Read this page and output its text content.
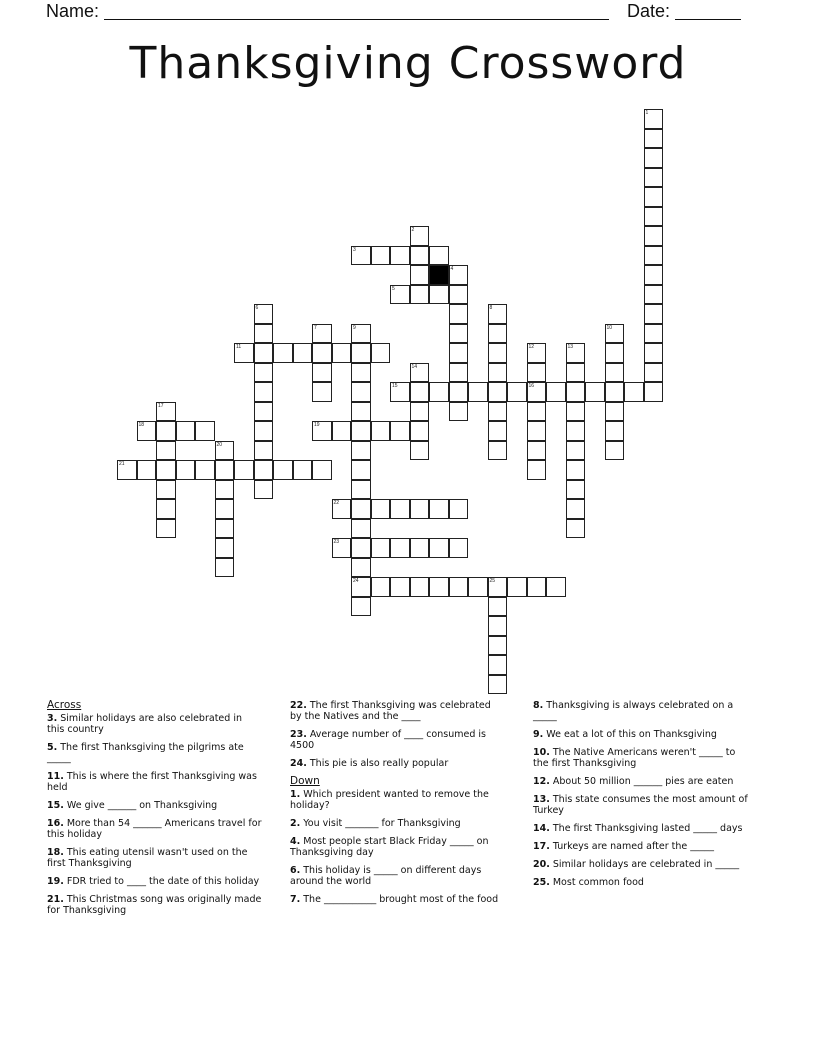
Name:	Date:
Thanksgiving Crossword
1
2
3
4
5
6
7
8
9	10
11	12	13
14
15	16
17
18	19
20
21
22
23
24	25
Across
3. Similar holidays are also celebrated in this country
5. The first Thanksgiving the pilgrims ate _____
11. This is where the first Thanksgiving was held
15. We give ______ on Thanksgiving
16. More than 54 ______ Americans travel for this holiday
18. This eating utensil wasn't used on the first Thanksgiving
19. FDR tried to ____ the date of this holiday
21. This Christmas song was originally made for Thanksgiving
22. The first Thanksgiving was celebrated by the Natives and the ____
23. Average number of ____ consumed is 4500
24. This pie is also really popular
Down
1. Which president wanted to remove the holiday?
2. You visit _______ for Thanksgiving
4. Most people start Black Friday _____ on Thanksgiving day
6. This holiday is _____ on different days around the world
7. The ___________ brought most of the food
8. Thanksgiving is always celebrated on a _____
9. We eat a lot of this on Thanksgiving
10. The Native Americans weren't _____ to the first Thanksgiving
12. About 50 million ______ pies are eaten
13. This state consumes the most amount of Turkey
14. The first Thanksgiving lasted _____ days
17. Turkeys are named after the _____
20. Similar holidays are celebrated in _____
25. Most common food
